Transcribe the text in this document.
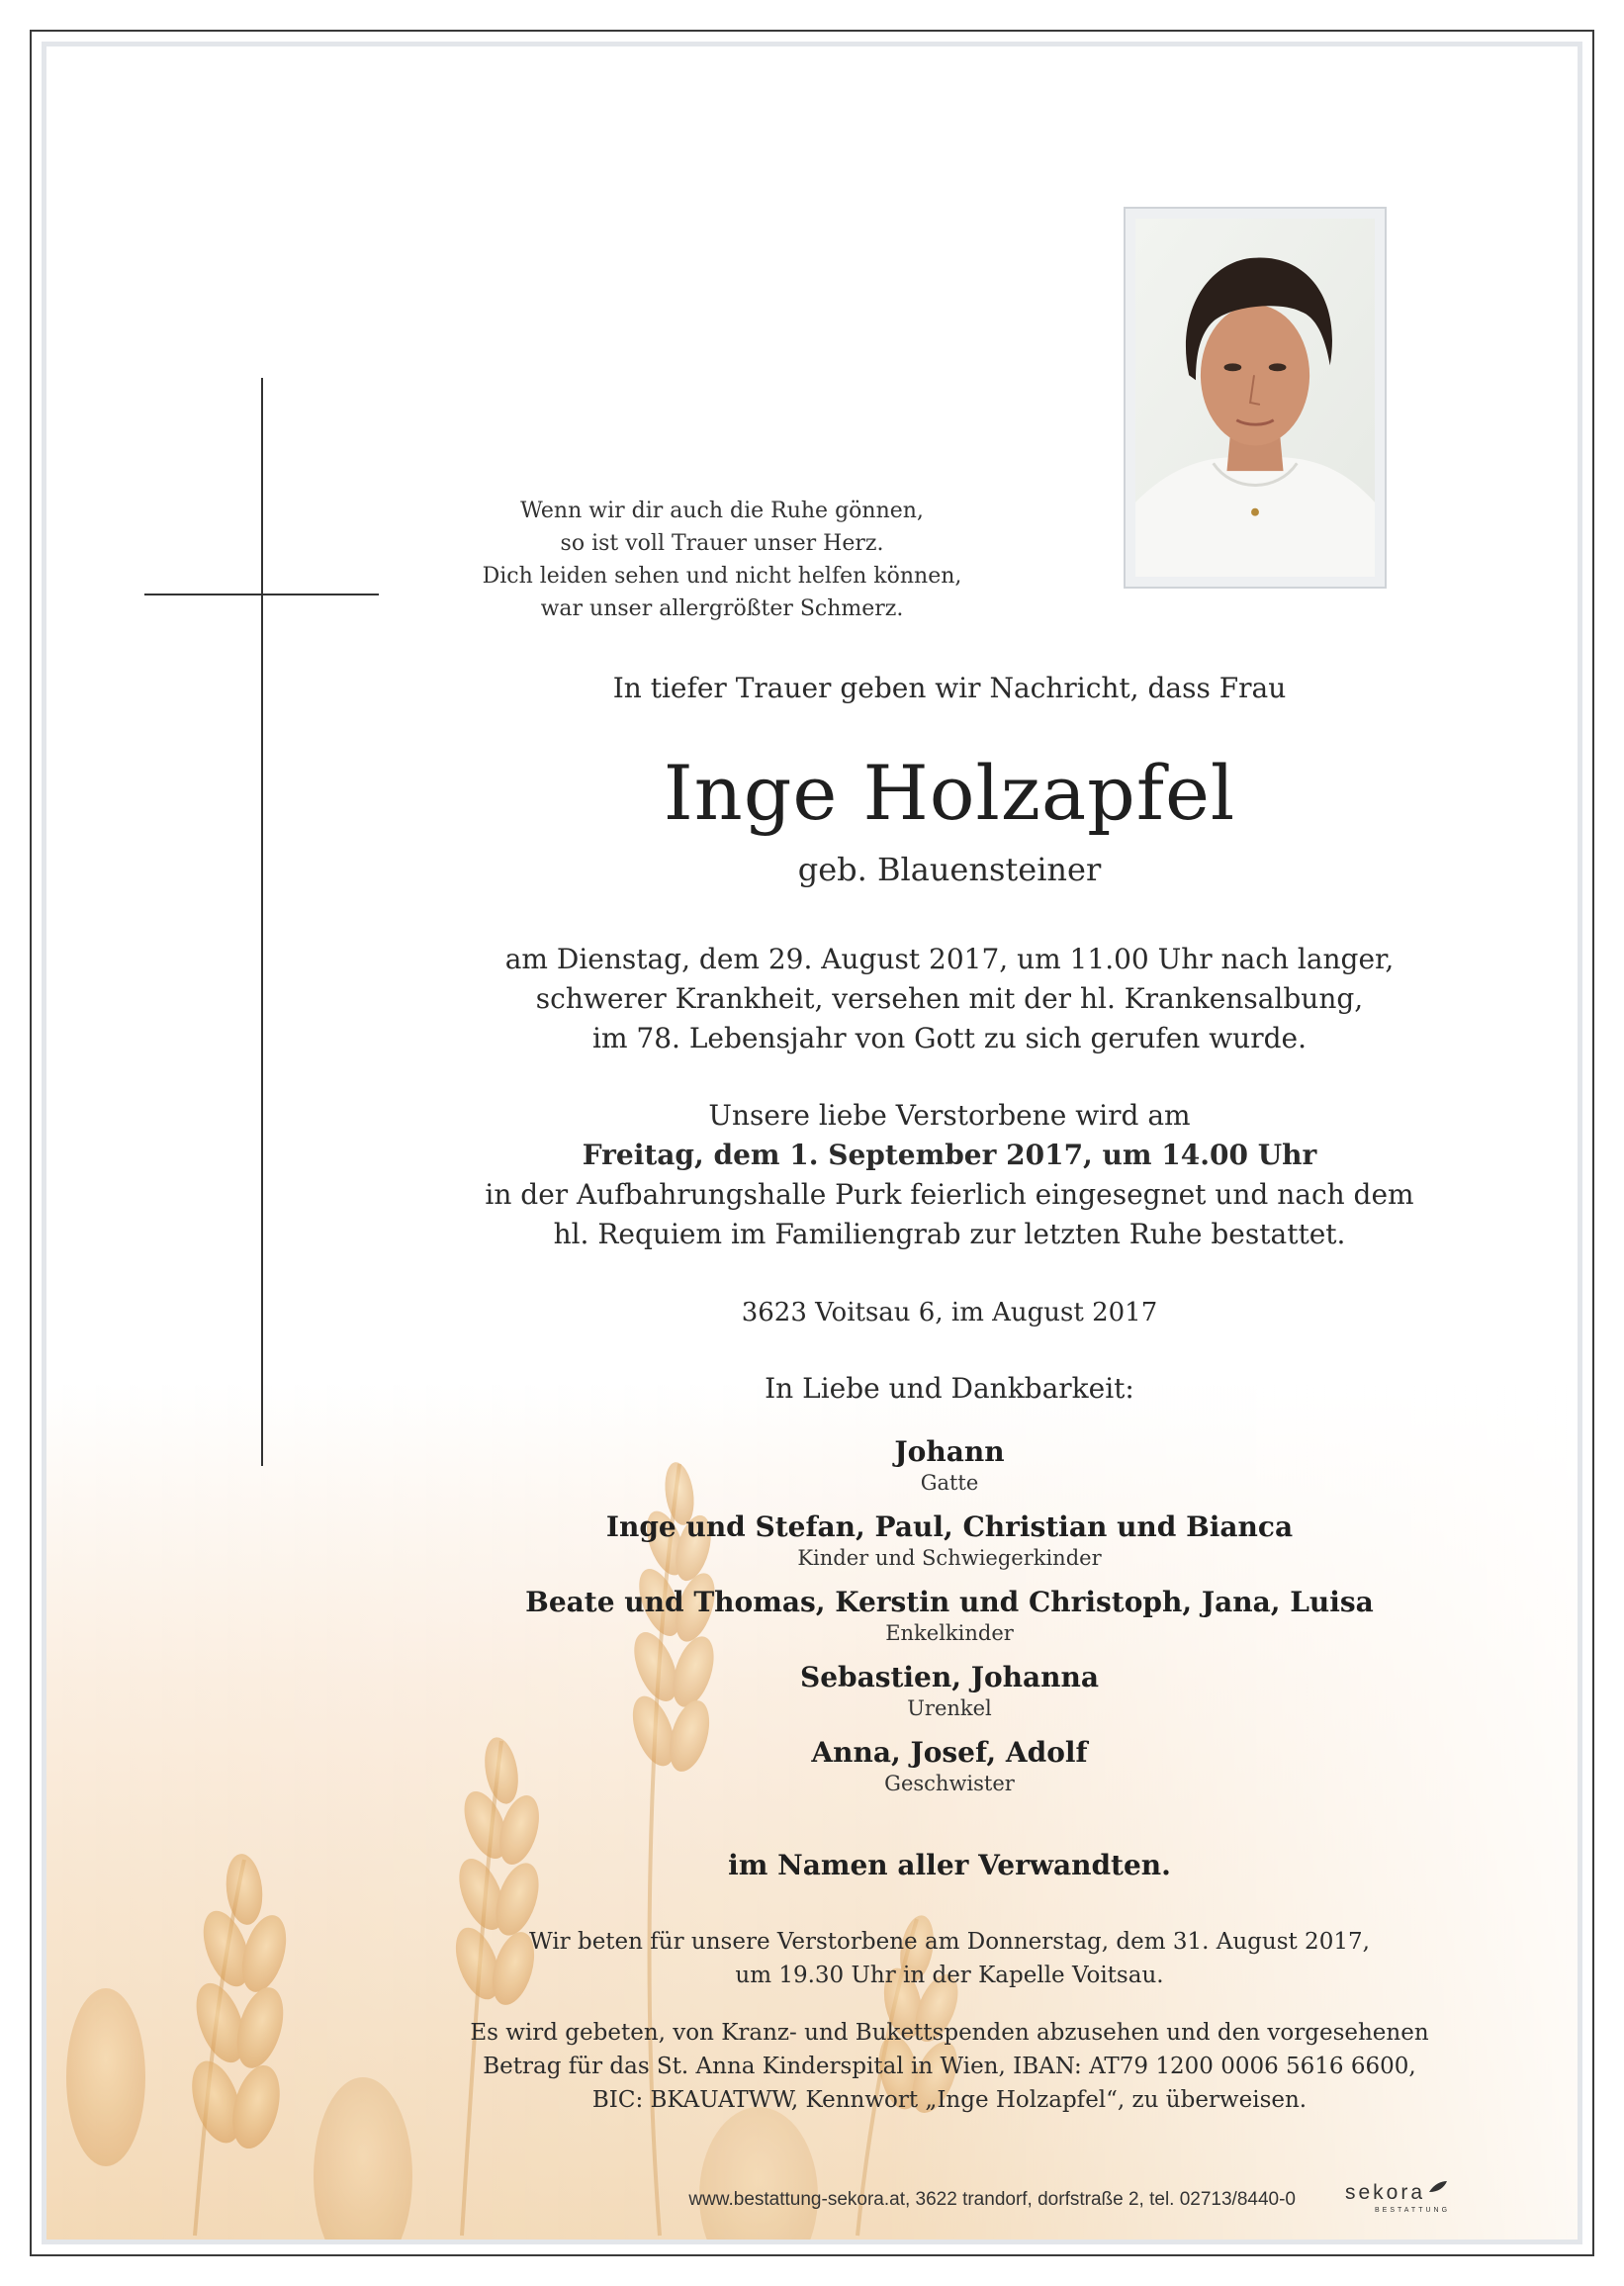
Wenn wir dir auch die Ruhe gönnen,
so ist voll Trauer unser Herz.
Dich leiden sehen und nicht helfen können,
war unser allergrößter Schmerz.
In tiefer Trauer geben wir Nachricht, dass Frau
Inge Holzapfel
geb. Blauensteiner
am Dienstag, dem 29. August 2017, um 11.00 Uhr nach langer,
schwerer Krankheit, versehen mit der hl. Krankensalbung,
im 78. Lebensjahr von Gott zu sich gerufen wurde.
Unsere liebe Verstorbene wird am
Freitag, dem 1. September 2017, um 14.00 Uhr
in der Aufbahrungshalle Purk feierlich eingesegnet und nach dem
hl. Requiem im Familiengrab zur letzten Ruhe bestattet.
3623 Voitsau 6, im August 2017
In Liebe und Dankbarkeit:
Johann
Gatte
Inge und Stefan, Paul, Christian und Bianca
Kinder und Schwiegerkinder
Beate und Thomas, Kerstin und Christoph, Jana, Luisa
Enkelkinder
Sebastien, Johanna
Urenkel
Anna, Josef, Adolf
Geschwister
im Namen aller Verwandten.
Wir beten für unsere Verstorbene am Donnerstag, dem 31. August 2017,
um 19.30 Uhr in der Kapelle Voitsau.
Es wird gebeten, von Kranz- und Bukettspenden abzusehen und den vorgesehenen
Betrag für das St. Anna Kinderspital in Wien, IBAN: AT79 1200 0006 5616 6600,
BIC: BKAUATWW, Kennwort „Inge Holzapfel“, zu überweisen.
www.bestattung-sekora.at, 3622 trandorf, dorfstraße 2, tel. 02713/8440-0	sekora
BESTATTUNG
